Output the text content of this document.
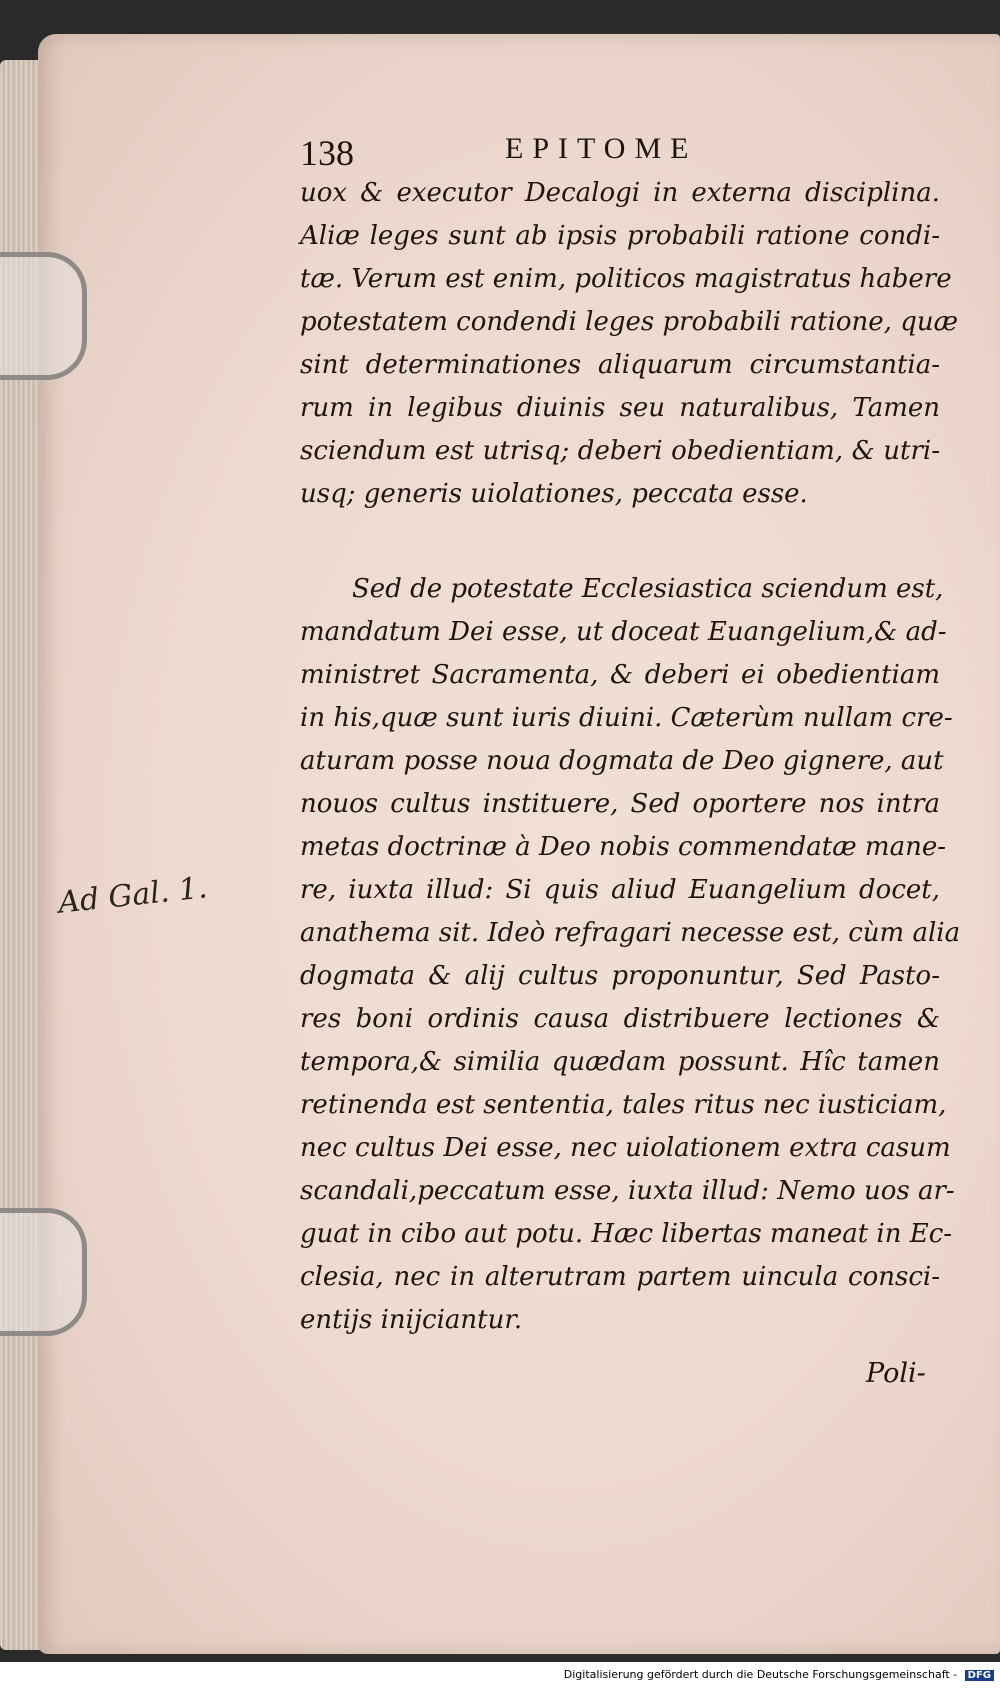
138	EPITOME
uox & executor Decalogi in externa disciplina.
Aliæ leges sunt ab ipsis probabili ratione condi-
tæ. Verum est enim, politicos magistratus habere
potestatem condendi leges probabili ratione, quæ
sint determinationes aliquarum circumstantia-
rum in legibus diuinis seu naturalibus, Tamen
sciendum est utrisq; deberi obedientiam, & utri-
usq; generis uiolationes, peccata esse.
Sed de potestate Ecclesiastica sciendum est,
mandatum Dei esse, ut doceat Euangelium,& ad-
ministret Sacramenta, & deberi ei obedientiam
in his,quæ sunt iuris diuini. Cæterùm nullam cre-
aturam posse noua dogmata de Deo gignere, aut
nouos cultus instituere, Sed oportere nos intra
metas doctrinæ à Deo nobis commendatæ mane-
re, iuxta illud: Si quis aliud Euangelium docet,
anathema sit. Ideò refragari necesse est, cùm alia
dogmata & alij cultus proponuntur, Sed Pasto-
res boni ordinis causa distribuere lectiones &
tempora,& similia quædam possunt. Hîc tamen
retinenda est sententia, tales ritus nec iusticiam,
nec cultus Dei esse, nec uiolationem extra casum
scandali,peccatum esse, iuxta illud: Nemo uos ar-
guat in cibo aut potu. Hæc libertas maneat in Ec-
clesia, nec in alterutram partem uincula consci-
entijs inijciantur.
Poli-
Ad Gal. 1.
Digitalisierung gefördert durch die Deutsche Forschungsgemeinschaft - DFG
